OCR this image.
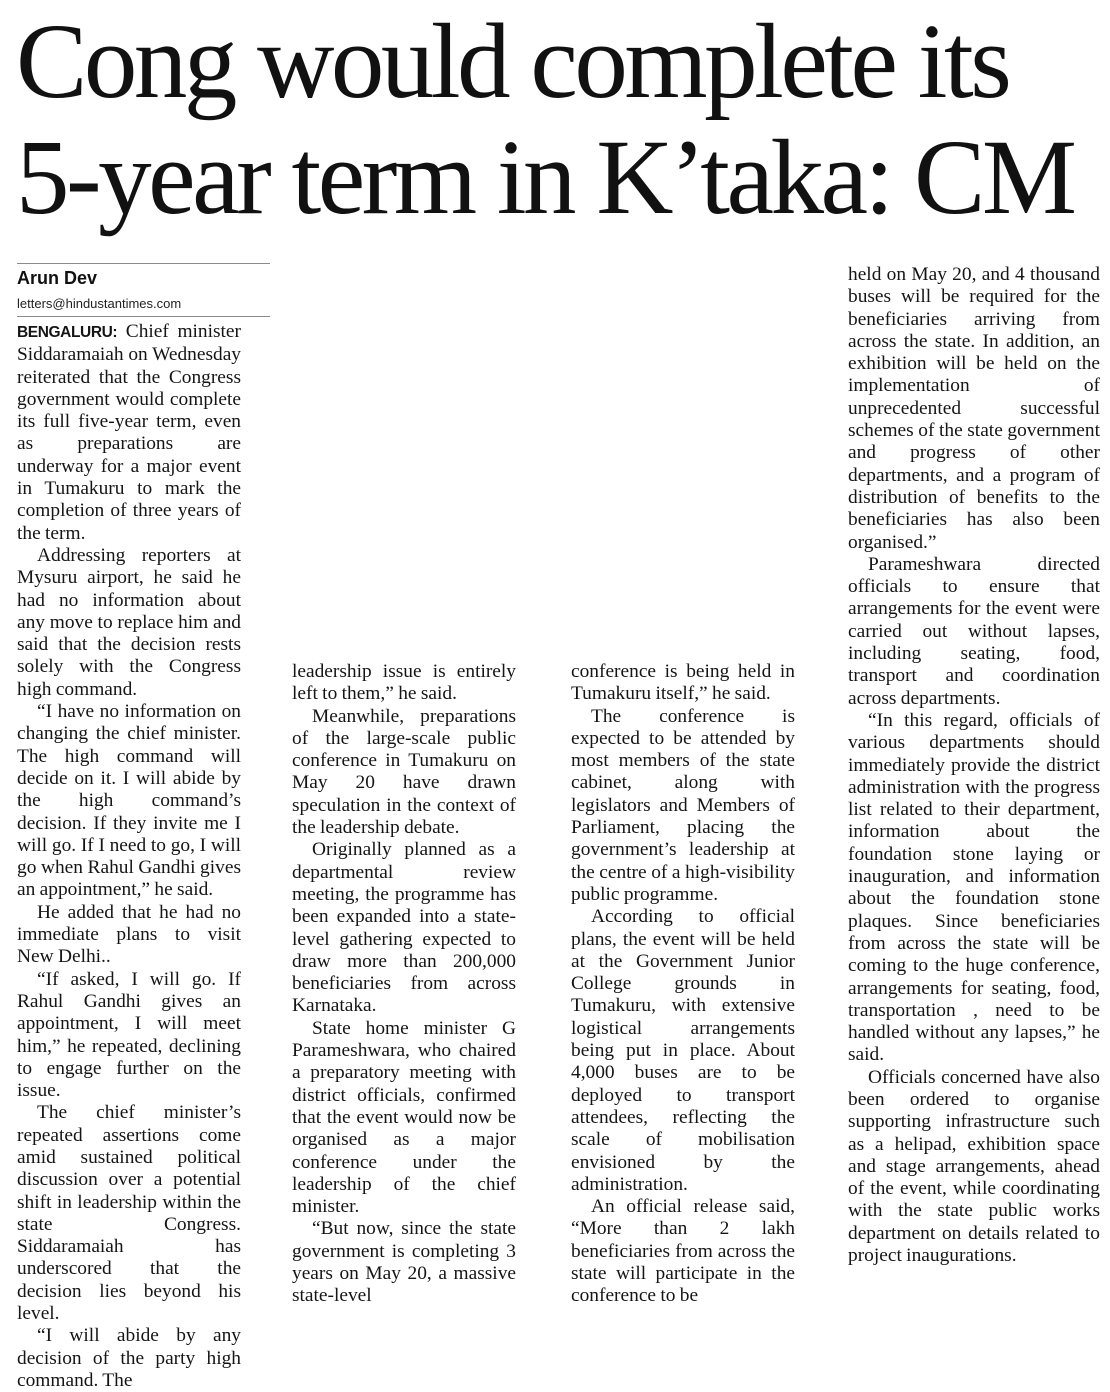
Cong would complete its
5-year term in K’taka: CM
Arun Dev
letters@hindustantimes.com

BENGALURU: Chief minister Siddaramaiah on Wednesday reiterated that the Congress government would complete its full five-year term, even as preparations are underway for a major event in Tumakuru to mark the completion of three years of the term.

Addressing reporters at Mysuru airport, he said he had no information about any move to replace him and said that the decision rests solely with the Congress high command.

“I have no information on changing the chief minister. The high command will decide on it. I will abide by the high command’s decision. If they invite me I will go. If I need to go, I will go when Rahul Gandhi gives an appointment,” he said.

He added that he had no immediate plans to visit New Delhi..

“If asked, I will go. If Rahul Gandhi gives an appointment, I will meet him,” he repeated, declining to engage further on the issue.

The chief minister’s repeated assertions come amid sustained political discussion over a potential shift in leadership within the state Congress. Siddaramaiah has underscored that the decision lies beyond his level.

“I will abide by any decision of the party high command. The

leadership issue is entirely left to them,” he said.

Meanwhile, preparations of the large-scale public conference in Tumakuru on May 20 have drawn speculation in the context of the leadership debate.

Originally planned as a departmental review meeting, the programme has been expanded into a state-level gathering expected to draw more than 200,000 beneficiaries from across Karnataka.

State home minister G Parameshwara, who chaired a preparatory meeting with district officials, confirmed that the event would now be organised as a major conference under the leadership of the chief minister.

“But now, since the state government is completing 3 years on May 20, a massive state-level

conference is being held in Tumakuru itself,” he said.

The conference is expected to be attended by most members of the state cabinet, along with legislators and Members of Parliament, placing the government’s leadership at the centre of a high-visibility public programme.

According to official plans, the event will be held at the Government Junior College grounds in Tumakuru, with extensive logistical arrangements being put in place. About 4,000 buses are to be deployed to transport attendees, reflecting the scale of mobilisation envisioned by the administration.

An official release said, “More than 2 lakh beneficiaries from across the state will participate in the conference to be

held on May 20, and 4 thousand buses will be required for the beneficiaries arriving from across the state. In addition, an exhibition will be held on the implementation of unprecedented successful schemes of the state government and progress of other departments, and a program of distribution of benefits to the beneficiaries has also been organised.”

Parameshwara directed officials to ensure that arrangements for the event were carried out without lapses, including seating, food, transport and coordination across departments.

“In this regard, officials of various departments should immediately provide the district administration with the progress list related to their department, information about the foundation stone laying or inauguration, and information about the foundation stone plaques. Since beneficiaries from across the state will be coming to the huge conference, arrangements for seating, food, transportation , need to be handled without any lapses,” he said.

Officials concerned have also been ordered to organise supporting infrastructure such as a helipad, exhibition space and stage arrangements, ahead of the event, while coordinating with the state public works department on details related to project inaugurations.
